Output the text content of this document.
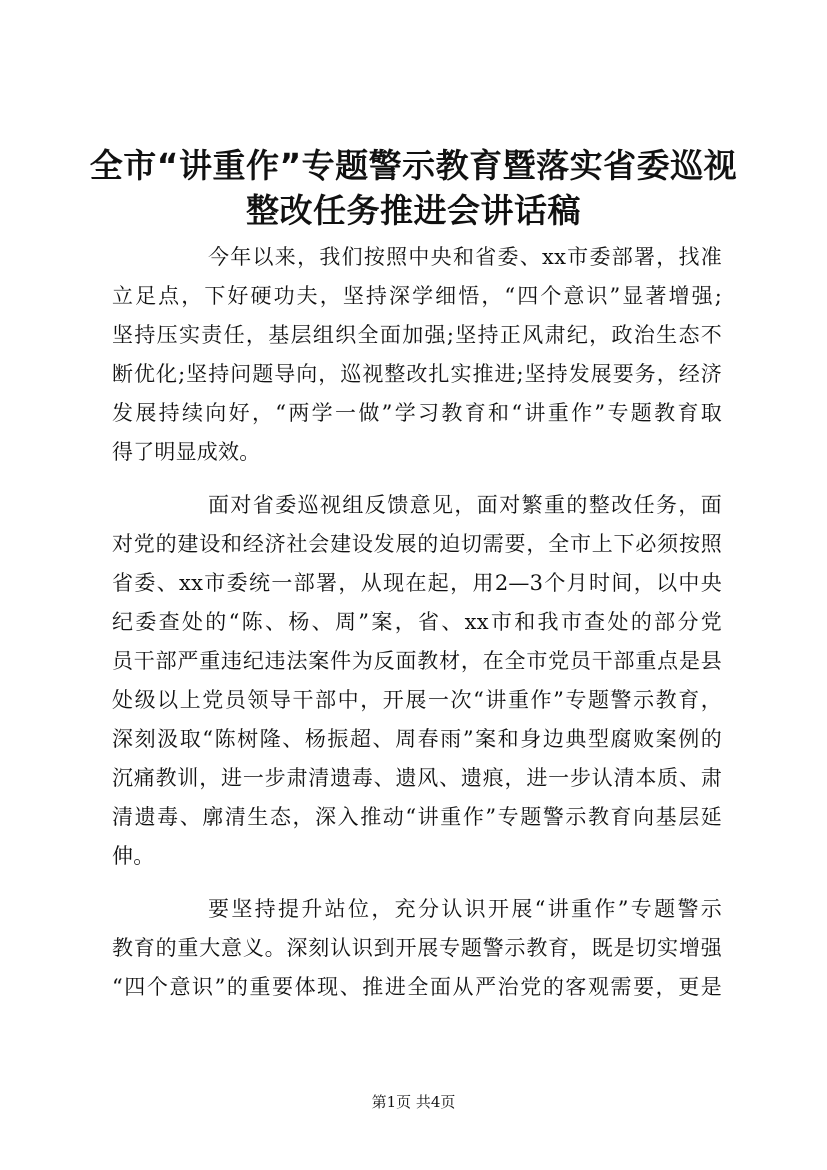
全市“讲重作”专题警示教育暨落实省委巡视
整改任务推进会讲话稿
今年以来，我们按照中央和省委、xx市委部署，找准
立足点，下好硬功夫，坚持深学细悟，“四个意识”显著增强;
坚持压实责任，基层组织全面加强;坚持正风肃纪，政治生态不
断优化;坚持问题导向，巡视整改扎实推进;坚持发展要务，经济
发展持续向好，“两学一做”学习教育和“讲重作”专题教育取
得了明显成效。
面对省委巡视组反馈意见，面对繁重的整改任务，面
对党的建设和经济社会建设发展的迫切需要，全市上下必须按照
省委、xx市委统一部署，从现在起，用2—3个月时间，以中央
纪委查处的“陈、杨、周”案，省、xx市和我市查处的部分党
员干部严重违纪违法案件为反面教材，在全市党员干部重点是县
处级以上党员领导干部中，开展一次“讲重作”专题警示教育，
深刻汲取“陈树隆、杨振超、周春雨”案和身边典型腐败案例的
沉痛教训，进一步肃清遗毒、遗风、遗痕，进一步认清本质、肃
清遗毒、廓清生态，深入推动“讲重作”专题警示教育向基层延
伸。
要坚持提升站位，充分认识开展“讲重作”专题警示
教育的重大意义。深刻认识到开展专题警示教育，既是切实增强
“四个意识”的重要体现、推进全面从严治党的客观需要，更是
第1页 共4页
